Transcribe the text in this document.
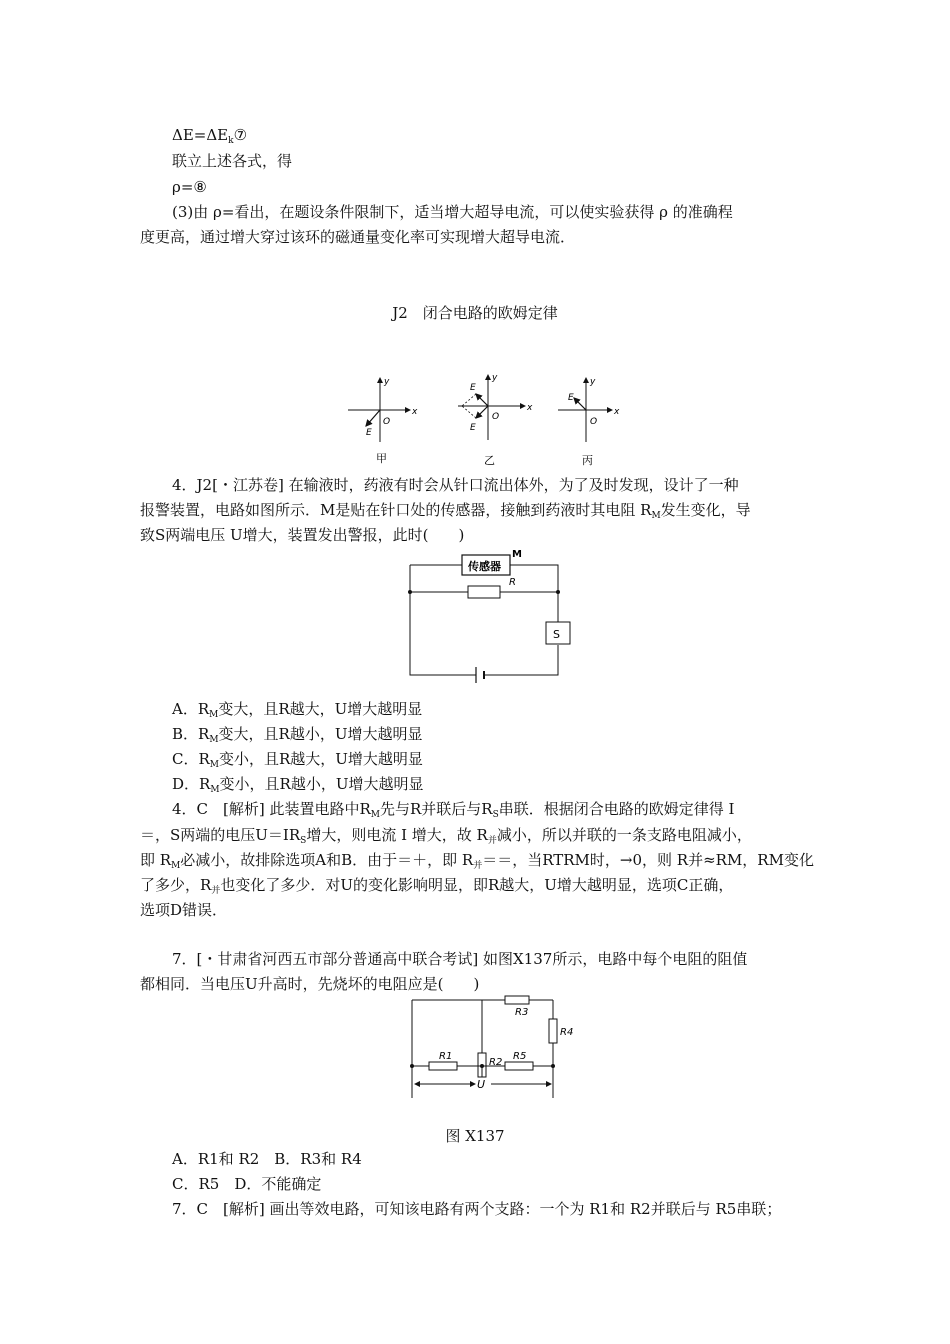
$\Delta E=\Delta E_k⑦$
联立上述各式，得
ρ=⑧
(3)由 ρ=看出，在题设条件限制下，适当增大超导电流，可以使实验获得 ρ 的准确程
度更高，通过增大穿过该环的磁通量变化率可实现增大超导电流．
J2　闭合电路的欧姆定律
x
y
O
E
甲
x
y
O
E
E
乙
x
y
O
E
丙
4．J2[・江苏卷] 在输液时，药液有时会从针口流出体外，为了及时发现，设计了一种
报警装置，电路如图所示．M是贴在针口处的传感器，接触到药液时其电阻 $R_M$发生变化，导
致S两端电压 U增大，装置发出警报，此时(　　)
S
传感器
M
R
A．$R_M$变大，且R越大，U增大越明显
B．$R_M$变大，且R越小，U增大越明显
C．$R_M$变小，且R越大，U增大越明显
D．$R_M$变小，且R越小，U增大越明显
4．C　[解析] 此装置电路中$R_M$先与R并联后与$R_S$串联．根据闭合电路的欧姆定律得 I
＝，S两端的电压$U=IR_S$增大，则电流 I 增大，故 $R_并$减小，所以并联的一条支路电阻减小，
即 $R_M$必减小，故排除选项A和B．由于＝＋，即 $R_并==$，当RTRM时，→0，则 R并≈RM，RM变化
了多少，$R_并$也变化了多少．对U的变化影响明显，即R越大，U增大越明显，选项C正确，
选项D错误．
7．[・甘肃省河西五市部分普通高中联合考试] 如图X137所示，电路中每个电阻的阻值
都相同．当电压U升高时，先烧坏的电阻应是(　　)
R3
R2
R4
R1	R5
U
图 X137
A．R1和 R2　B．R3和 R4
C．R5　D．不能确定
7．C　[解析] 画出等效电路，可知该电路有两个支路：一个为 R1和 R2并联后与 R5串联；
